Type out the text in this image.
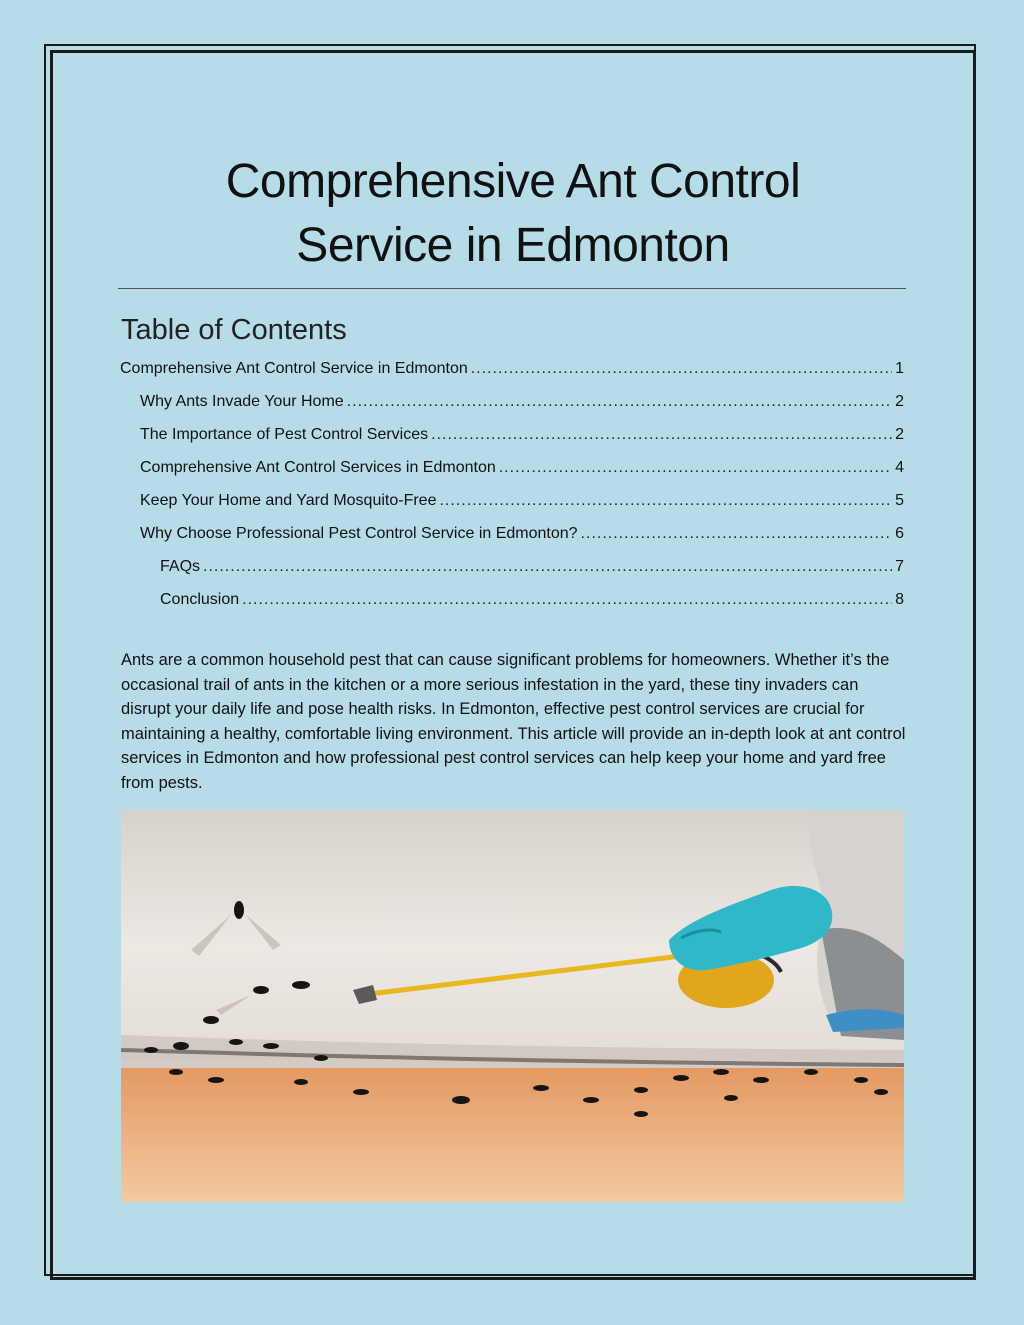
Comprehensive Ant Control
Service in Edmonton
Table of Contents
Comprehensive Ant Control Service in Edmonton .....	1
Why Ants Invade Your Home .....	2
The Importance of Pest Control Services .....	2
Comprehensive Ant Control Services in Edmonton .....	4
Keep Your Home and Yard Mosquito-Free .....	5
Why Choose Professional Pest Control Service in Edmonton? .....	6
FAQs .....	7
Conclusion .....	8

Ants are a common household pest that can cause significant problems for homeowners. Whether it’s the occasional trail of ants in the kitchen or a more serious infestation in the yard, these tiny invaders can disrupt your daily life and pose health risks. In Edmonton, effective pest control services are crucial for maintaining a healthy, comfortable living environment. This article will provide an in-depth look at ant control services in Edmonton and how professional pest control services can help keep your home and yard free from pests.
